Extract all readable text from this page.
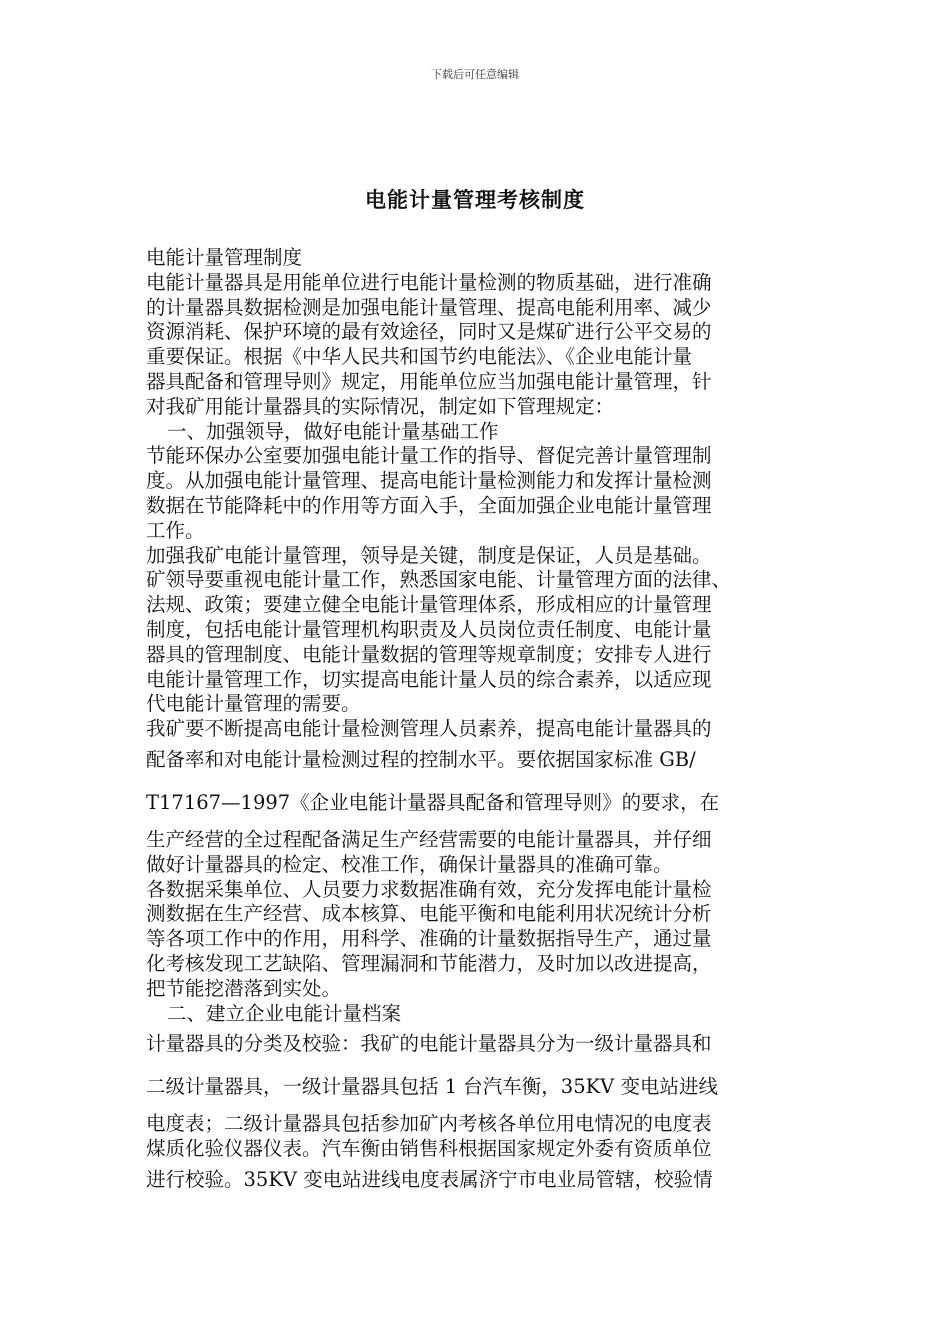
下载后可任意编辑
电能计量管理考核制度
电能计量管理制度
电能计量器具是用能单位进行电能计量检测的物质基础，进行准确
的计量器具数据检测是加强电能计量管理、提高电能利用率、减少
资源消耗、保护环境的最有效途径，同时又是煤矿进行公平交易的
重要保证。根据《中华人民共和国节约电能法》、《企业电能计量
器具配备和管理导则》规定，用能单位应当加强电能计量管理，针
对我矿用能计量器具的实际情况，制定如下管理规定：
一、加强领导，做好电能计量基础工作
节能环保办公室要加强电能计量工作的指导、督促完善计量管理制
度。从加强电能计量管理、提高电能计量检测能力和发挥计量检测
数据在节能降耗中的作用等方面入手，全面加强企业电能计量管理
工作。
加强我矿电能计量管理，领导是关键，制度是保证，人员是基础。
矿领导要重视电能计量工作，熟悉国家电能、计量管理方面的法律、
法规、政策；要建立健全电能计量管理体系，形成相应的计量管理
制度，包括电能计量管理机构职责及人员岗位责任制度、电能计量
器具的管理制度、电能计量数据的管理等规章制度；安排专人进行
电能计量管理工作，切实提高电能计量人员的综合素养，以适应现
代电能计量管理的需要。
我矿要不断提高电能计量检测管理人员素养，提高电能计量器具的
配备率和对电能计量检测过程的控制水平。要依据国家标准 GB/
T17167—1997《企业电能计量器具配备和管理导则》的要求，在
生产经营的全过程配备满足生产经营需要的电能计量器具，并仔细
做好计量器具的检定、校准工作，确保计量器具的准确可靠。
各数据采集单位、人员要力求数据准确有效，充分发挥电能计量检
测数据在生产经营、成本核算、电能平衡和电能利用状况统计分析
等各项工作中的作用，用科学、准确的计量数据指导生产，通过量
化考核发现工艺缺陷、管理漏洞和节能潜力，及时加以改进提高，
把节能挖潜落到实处。
二、建立企业电能计量档案
计量器具的分类及校验：我矿的电能计量器具分为一级计量器具和
二级计量器具，一级计量器具包括 1 台汽车衡，35KV 变电站进线
电度表；二级计量器具包括参加矿内考核各单位用电情况的电度表
煤质化验仪器仪表。汽车衡由销售科根据国家规定外委有资质单位
进行校验。35KV 变电站进线电度表属济宁市电业局管辖，校验情
